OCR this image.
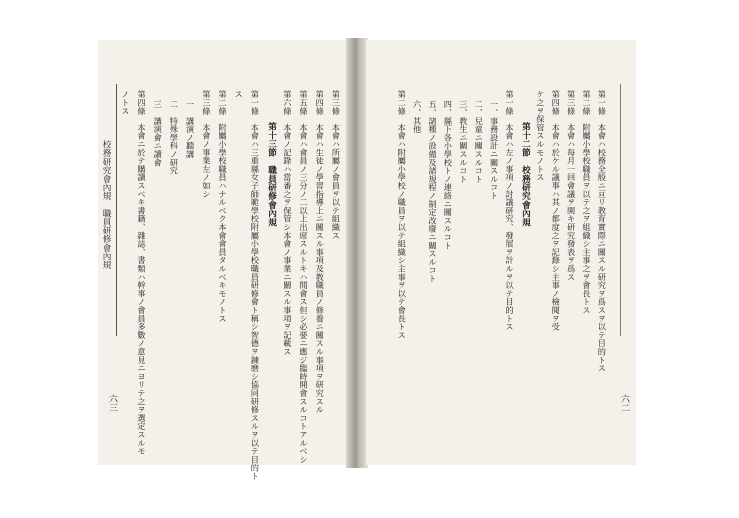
校務研究會內規　職員研修會內規
六三
第三條　本會ハ所屬ノ會員ヲ以テ組織ス
第四條　本會ハ生徒ノ學習指導上ニ關スル事項及教職員ノ修養ニ關スル事項ヲ研究スル
第五條　本會ハ會員ノ三分ノ二以上出席スルトキハ開會ス但シ必要ニ應ジ臨時開會スルコトアルベシ
第六條　本會ノ記錄ハ當番之ヲ保管シ本會ノ事業ニ關スル事項ヲ記載ス
第十三節　職員研修會內規
第一條　本會ハ三重縣女子師範學校附屬小學校職員研修會ト稱シ智德ヲ鍊磨シ協同研修スルヲ以テ目的ト
ス
第二條　附屬小學校職員ハナルベク本會會員タルベキモノトス
第三條　本會ノ事業左ノ如シ
一　講演ノ聽講
二　特殊學科ノ研究
三　講演會ニ讀會
第四條　本會ニ於テ購讀スベキ書籍、雜誌、書類ハ幹事ノ會員多數ノ意見ニヨリテ之ヲ選定スルモ
ノトス
六二
第一條　本會ハ校務全般ニ亘リ教育實際ニ關スル研究ヲ爲スヲ以テ目的トス
第二條　附屬小學校職員ヲ以テ之ヲ組織シ主事之ヲ會長トス
第三條　本會ハ每月一回會議ヲ開キ研究發表ヲ爲ス
第四條　本會ハ於ケル議事ハ其ノ都度之ヲ記錄シ主事ノ檢閱ヲ受
ケ之ヲ保管スルモノトス
第十二節　校務研究會內規
第一條　本會ハ左ノ事項ノ討議研究、發展ヲ計ルヲ以テ目的トス
一、事務設計ニ關スルコト
二、兒童ニ關スルコト
三、教生ニ關スルコト
四、縣下各小學校トノ連絡ニ關スルコト
五、諸種ノ設備及諸規程ノ制定改廢ニ關スルコト
六、其他
第二條　本會ハ附屬小學校ノ職員ヲ以テ組織シ主事ヲ以テ會長トス
